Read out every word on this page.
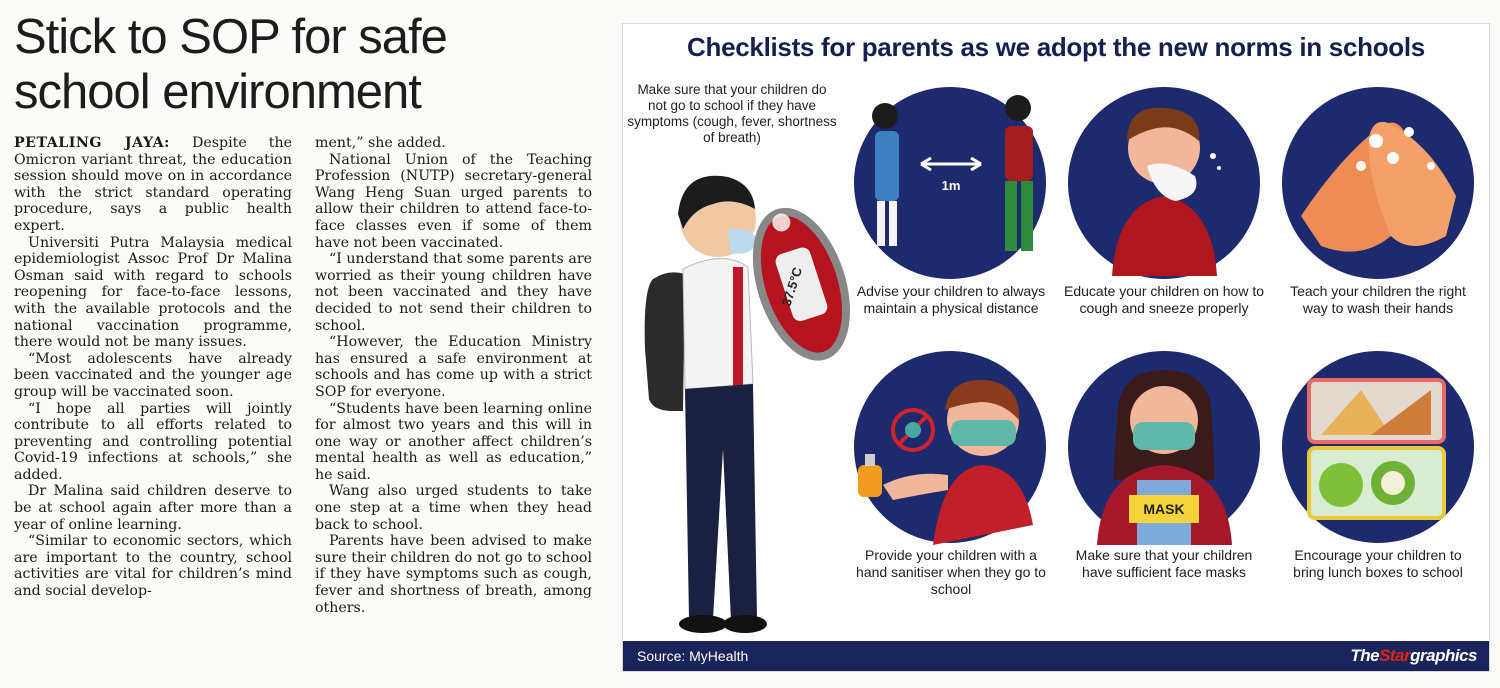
Stick to SOP for safe
school environment

PETALING JAYA: Despite the Omicron variant threat, the education session should move on in accordance with the strict standard operating procedure, says a public health expert.

Universiti Putra Malaysia medical epidemiologist Assoc Prof Dr Malina Osman said with regard to schools reopening for face-to-face lessons, with the available protocols and the national vaccination programme, there would not be many issues.

“Most adolescents have already been vaccinated and the younger age group will be vaccinated soon.

“I hope all parties will jointly contribute to all efforts related to preventing and controlling potential Covid-19 infections at schools,” she added.

Dr Malina said children deserve to be at school again after more than a year of online learning.

“Similar to economic sectors, which are important to the country, school activities are vital for children’s mind and social develop-

ment,” she added.

National Union of the Teaching Profession (NUTP) secretary-general Wang Heng Suan urged parents to allow their children to attend face-to-face classes even if some of them have not been vaccinated.

“I understand that some parents are worried as their young children have not been vaccinated and they have decided to not send their children to school.

“However, the Education Ministry has ensured a safe environment at schools and has come up with a strict SOP for everyone.

“Students have been learning online for almost two years and this will in one way or another affect children’s mental health as well as education,” he said.

Wang also urged students to take one step at a time when they head back to school.

Parents have been advised to make sure their children do not go to school if they have symptoms such as cough, fever and shortness of breath, among others.

Checklists for parents as we adopt the new norms in schools
Make sure that your children do not go to school if they have symptoms (cough, fever, shortness of breath)
37.5°C
1m
Advise your children to always maintain a physical distance
Educate your children on how to cough and sneeze properly
Teach your children the right way to wash their hands
Provide your children with a hand sanitiser when they go to school
MASK
Make sure that your children have sufficient face masks
Encourage your children to bring lunch boxes to school
Source: MyHealth	TheStargraphics
